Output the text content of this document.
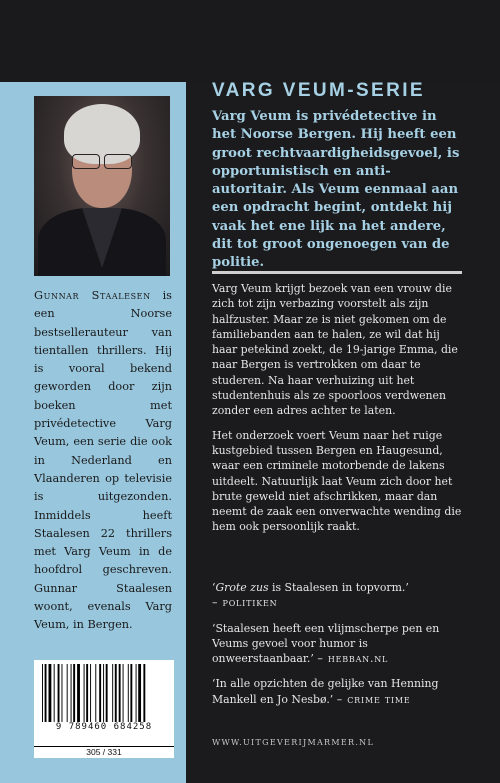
Gunnar Staalesen is een Noorse bestsellerauteur van tientallen thrillers. Hij is vooral bekend geworden door zijn boeken met privédetective Varg Veum, een serie die ook in Nederland en Vlaanderen op televisie is uitgezonden. Inmiddels heeft Staalesen 22 thrillers met Varg Veum in de hoofdrol geschreven. Gunnar Staalesen woont, evenals Varg Veum, in Bergen.
9 789460 684258
305 / 331
VARG VEUM-SERIE
Varg Veum is privédetective in het Noorse Bergen. Hij heeft een groot rechtvaardigheidsgevoel, is opportunistisch en anti-autoritair. Als Veum eenmaal aan een opdracht begint, ontdekt hij vaak het ene lijk na het andere, dit tot groot ongenoegen van de politie.

Varg Veum krijgt bezoek van een vrouw die zich tot zijn verbazing voorstelt als zijn halfzuster. Maar ze is niet gekomen om de familiebanden aan te halen, ze wil dat hij haar petekind zoekt, de 19-jarige Emma, die naar Bergen is vertrokken om daar te studeren. Na haar verhuizing uit het studentenhuis als ze spoorloos verdwenen zonder een adres achter te laten.

Het onderzoek voert Veum naar het ruige kustgebied tussen Bergen en Haugesund, waar een criminele motorbende de lakens uitdeelt. Natuurlijk laat Veum zich door het brute geweld niet afschrikken, maar dan neemt de zaak een onverwachte wending die hem ook persoonlijk raakt.

‘Grote zus is Staalesen in topvorm.’
– politiken

‘Staalesen heeft een vlijmscherpe pen en Veums gevoel voor humor is onweerstaanbaar.’ – hebban.nl

‘In alle opzichten de gelijke van Henning Mankell en Jo Nesbø.’ – crime time

WWW.UITGEVERIJMARMER.NL
